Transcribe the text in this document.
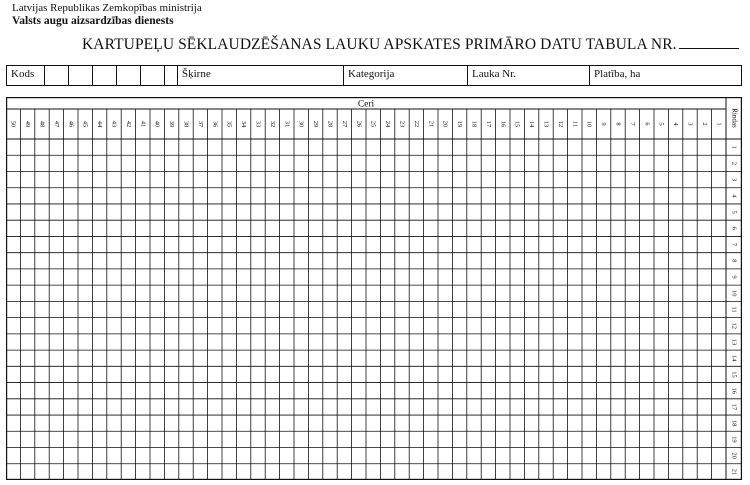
Latvijas Republikas Zemkopības ministrija
Valsts augu aizsardzības dienests
KARTUPEĻU SĒKLAUDZĒŠANAS LAUKU APSKATES PRIMĀRO DATU TABULA NR.
Kods	Šķirne	Kategorija	Lauka Nr.	Platība, ha
Ceri
Rindas
50 49 48 47 46 45 44 43 42 41 40 39 38 37 36 35 34 33 32 31 30 29 28 27 26 25 24 23 22 21 20 19 18 17 16 15 14 13 12 11 10 9 8 7 6 5 4 3 2 1
1
2
3
4
5
6
7
8
9
10
11
12
13
14
15
16
17
18
19
20
21
